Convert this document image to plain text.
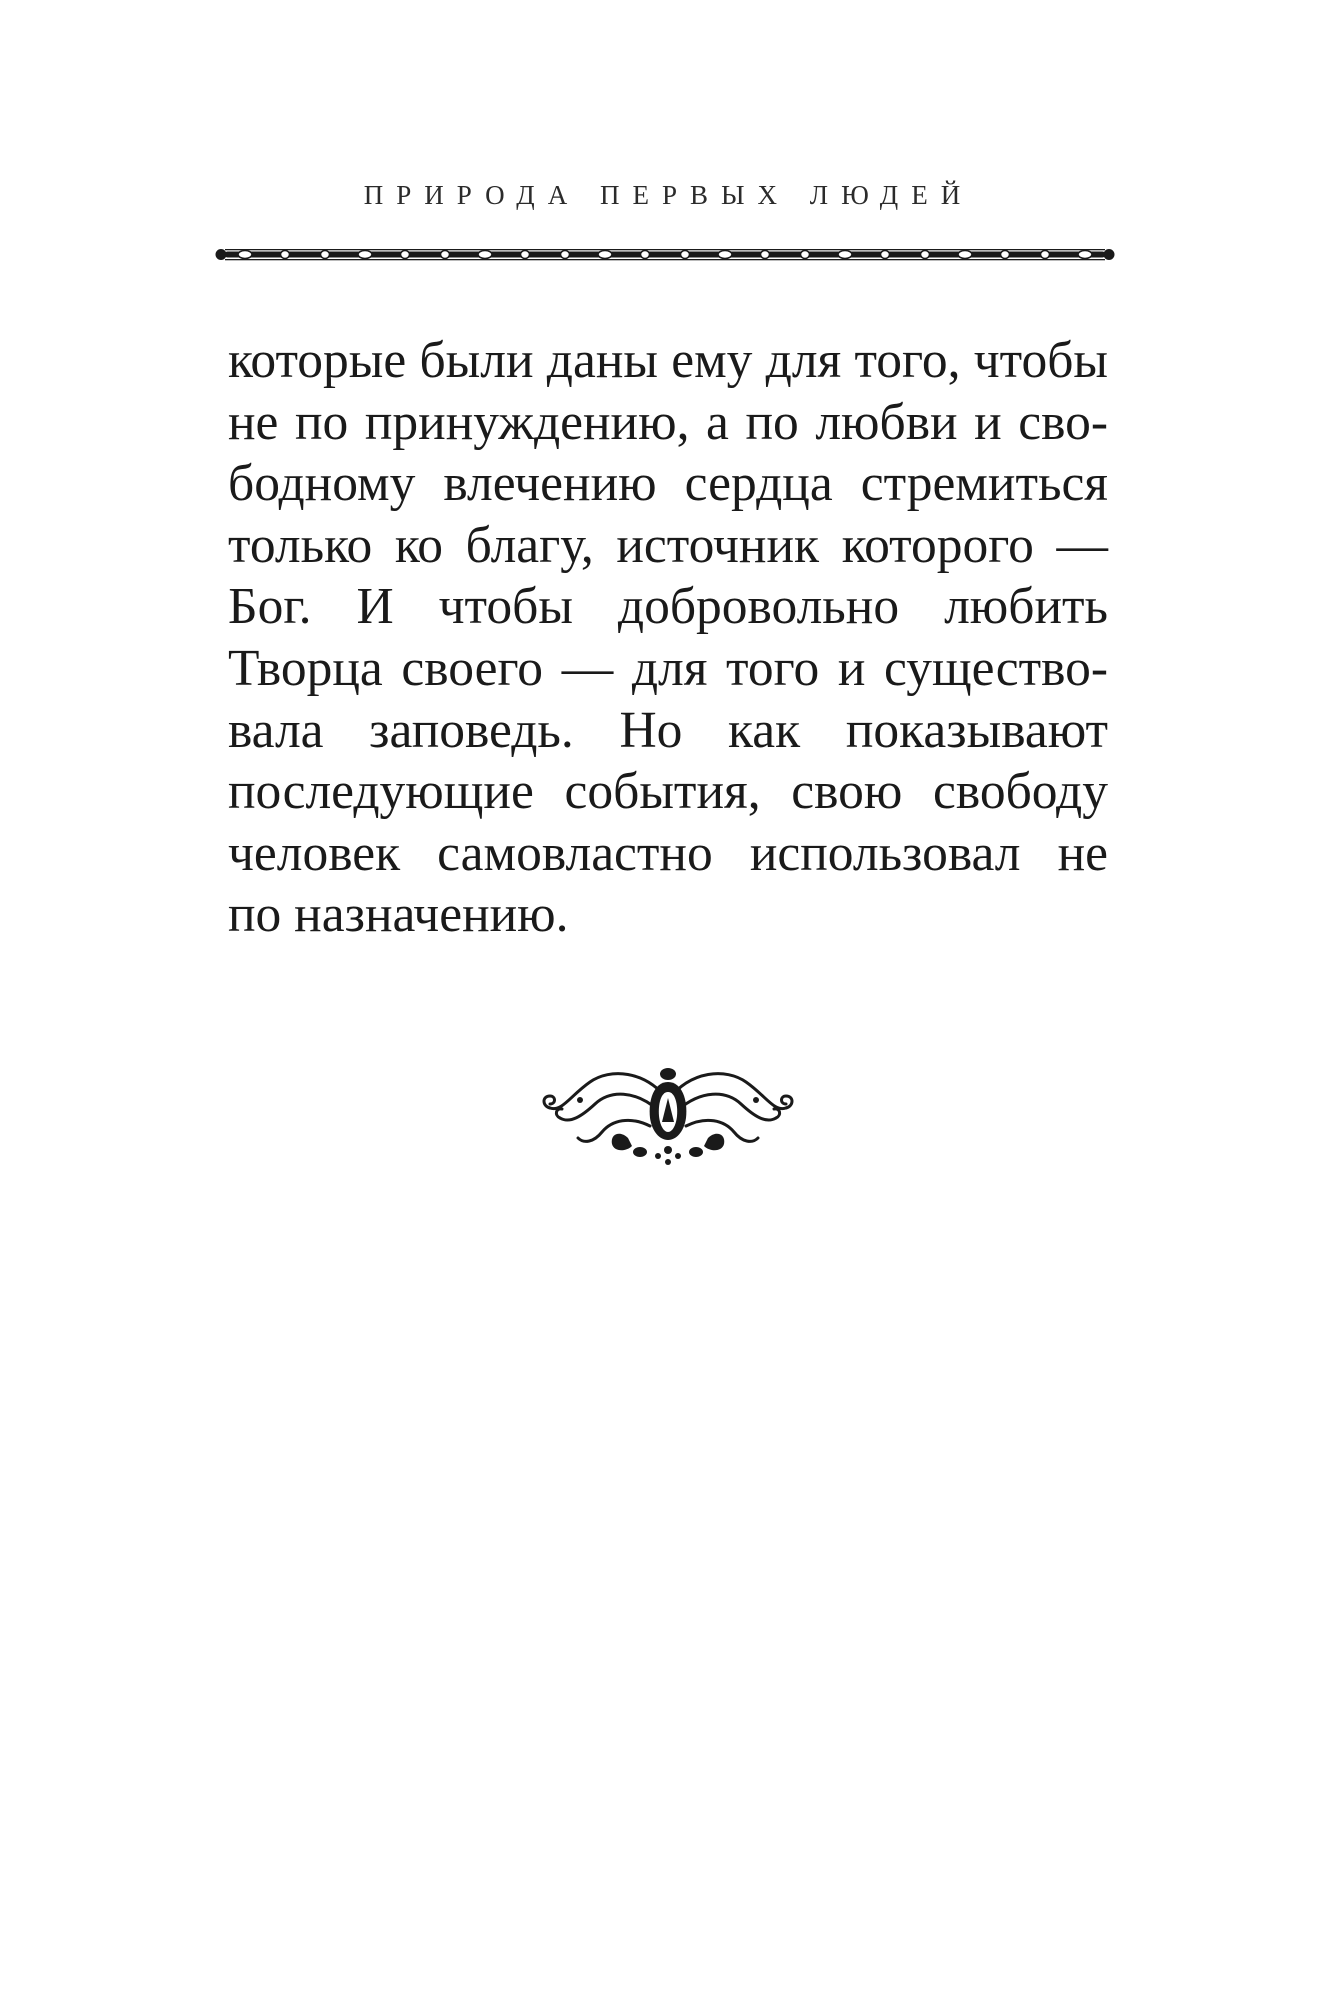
ПРИРОДА ПЕРВЫХ ЛЮДЕЙ
которые были даны ему для того, чтобы
не по принуждению, а по любви и сво-
бодному влечению сердца стремиться
только ко благу, источник которого —
Бог. И чтобы добровольно любить
Творца своего — для того и существо-
вала заповедь. Но как показывают
последующие события, свою свободу
человек самовластно использовал не
по назначению.
